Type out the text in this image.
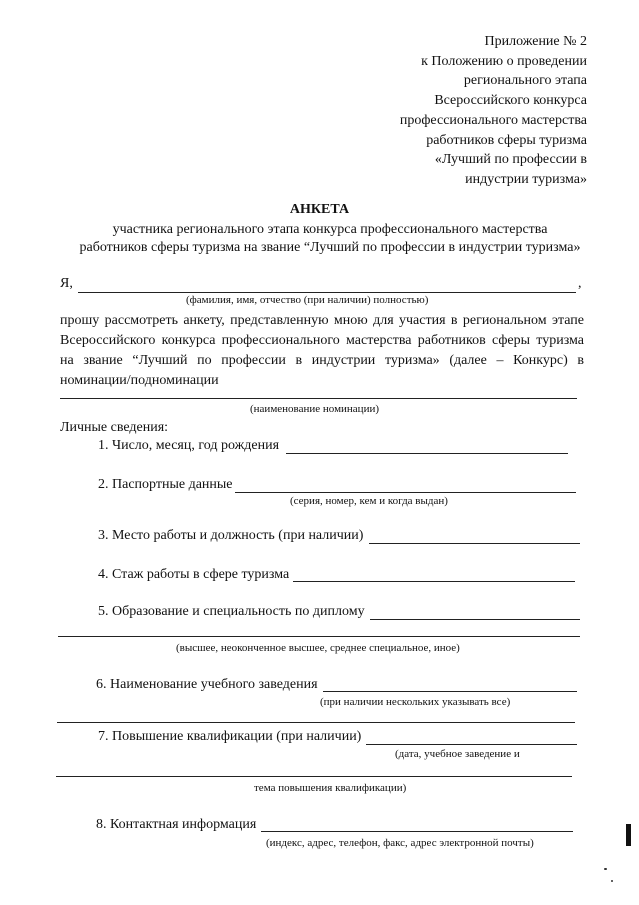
Приложение № 2
к Положению о проведении
регионального этапа
Всероссийского конкурса
профессионального мастерства
работников сферы туризма
«Лучший по профессии в
индустрии туризма»
АНКЕТА
участника регионального этапа конкурса профессионального мастерства
работников сферы туризма на звание “Лучший по профессии в индустрии туризма»
Я,	,
(фамилия, имя, отчество (при наличии) полностью)
прошу рассмотреть анкету, представленную мною для участия в региональном этапе
Всероссийского конкурса профессионального мастерства работников сферы туризма
на звание “Лучший по профессии в индустрии туризма» (далее – Конкурс) в
номинации/подноминации
(наименование номинации)
Личные сведения:
1. Число, месяц, год рождения
2. Паспортные данные
(серия, номер, кем и когда выдан)
3. Место работы и должность (при наличии)
4. Стаж работы в сфере туризма
5. Образование и специальность по диплому
(высшее, неоконченное высшее, среднее специальное, иное)
6. Наименование учебного заведения
(при наличии нескольких указывать все)
7. Повышение квалификации (при наличии)
(дата, учебное заведение и
тема повышения квалификации)
8. Контактная информация
(индекс, адрес, телефон, факс, адрес электронной почты)
